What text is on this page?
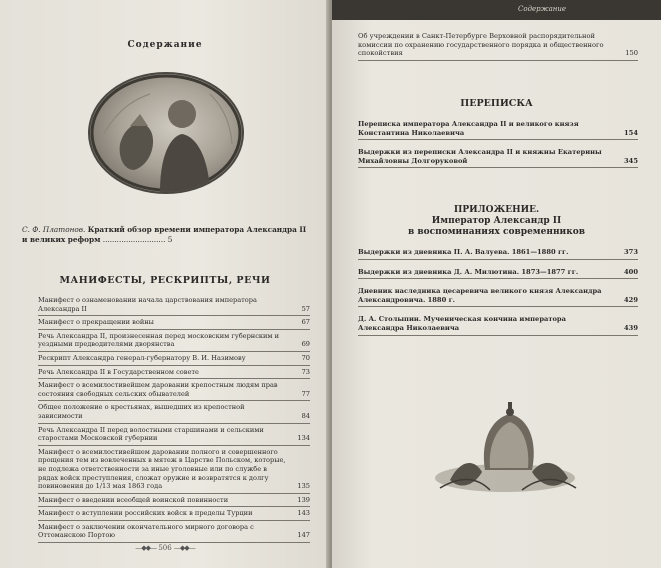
Содержание
С. Ф. Платонов. Краткий обзор времени императора Александра II и великих реформ ........................... 5
МАНИФЕСТЫ, РЕСКРИПТЫ, РЕЧИ
Манифест о ознаменовании начала царствования императора Александра II	57
Манифест о прекращении войны	67
Речь Александра II, произнесенная перед московским губернским и уездными предводителями дворянства	69
Рескрипт Александра генерал-губернатору В. И. Назимову	70
Речь Александра II в Государственном совете	73
Манифест о всемилостивейшем даровании крепостным людям прав состояния свободных сельских обывателей	77
Общее положение о крестьянах, вышедших из крепостной зависимости	84
Речь Александра II перед волостными старшинами и сельскими старостами Московской губернии	134
Манифест о всемилостивейшем даровании полного и совершенного прощения тем из вовлеченных в мятеж в Царстве Польском, которые, не подлежа ответственности за иные уголовные или по службе в рядах войск преступления, сложат оружие и возвратятся к долгу повиновения до 1/13 мая 1863 года	135
Манифест о введении всеобщей воинской повинности	139
Манифест о вступлении российских войск в пределы Турции	143
Манифест о заключении окончательного мирного договора с Оттоманскою Портою	147
—◆◆— 506 —◆◆—
Содержание
Об учреждении в Санкт-Петербурге Верховной распорядительной комиссии по охранению государственного порядка и общественного спокойствия	150
ПЕРЕПИСКА
Переписка императора Александра II и великого князя Константина Николаевича	154
Выдержки из переписки Александра II и княжны Екатерины Михайловны Долгоруковой	345
ПРИЛОЖЕНИЕ.
Император Александр II
в воспоминаниях современников
Выдержки из дневника П. А. Валуева. 1861—1880 гг.	373
Выдержки из дневника Д. А. Милютина. 1873—1877 гг.	400
Дневник наследника цесаревича великого князя Александра Александровича. 1880 г.	429
Д. А. Столыпин. Мученическая кончина императора Александра Николаевича	439
